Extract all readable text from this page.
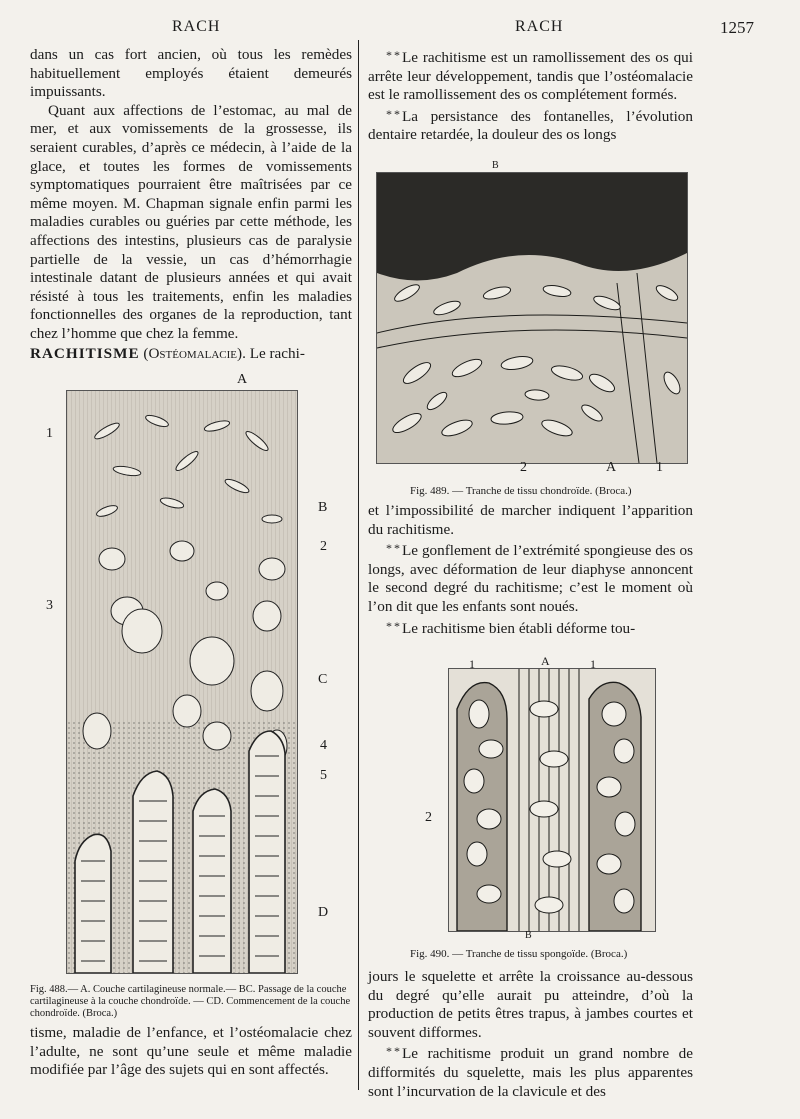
RACH	RACH	1257

dans un cas fort ancien, où tous les remèdes habituellement employés étaient demeurés impuissants.

Quant aux affections de l’estomac, au mal de mer, et aux vomissements de la grossesse, ils seraient curables, d’après ce médecin, à l’aide de la glace, et toutes les formes de vomissements symptomatiques pourraient être maîtrisées par ce même moyen. M. Chapman signale enfin parmi les maladies curables ou guéries par cette méthode, les affections des intestins, plusieurs cas de paralysie partielle de la vessie, un cas d’hémorrhagie intestinale datant de plusieurs années et qui avait résisté à tous les traitements, enfin les maladies fonctionnelles des organes de la reproduction, tant chez l’homme que chez la femme.

RACHITISME (Ostéomalacie). Le rachi-

A
1
B
2
3
C
4
5
D
Fig. 488.— A. Couche cartilagineuse normale.— BC. Passage de la couche cartilagineuse à la couche chondroïde. — CD. Commencement de la couche chondroïde. (Broca.)

tisme, maladie de l’enfance, et l’ostéomalacie chez l’adulte, ne sont qu’une seule et même maladie modifiée par l’âge des sujets qui en sont affectés.

* * Le rachitisme est un ramollissement des os qui arrête leur développement, tandis que l’ostéomalacie est le ramollissement des os complétement formés.

* * La persistance des fontanelles, l’évolution dentaire retardée, la douleur des os longs

B
2	A	1
Fig. 489. — Tranche de tissu chondroïde. (Broca.)

et l’impossibilité de marcher indiquent l’apparition du rachitisme.

* * Le gonflement de l’extrémité spongieuse des os longs, avec déformation de leur diaphyse annoncent le second degré du rachitisme; c’est le moment où l’on dit que les enfants sont noués.

* * Le rachitisme bien établi déforme tou-

1	A	1
2
B
Fig. 490. — Tranche de tissu spongoïde. (Broca.)

jours le squelette et arrête la croissance au-dessous du degré qu’elle aurait pu atteindre, d’où la production de petits êtres trapus, à jambes courtes et souvent difformes.

* * Le rachitisme produit un grand nombre de difformités du squelette, mais les plus apparentes sont l’incurvation de la clavicule et des
